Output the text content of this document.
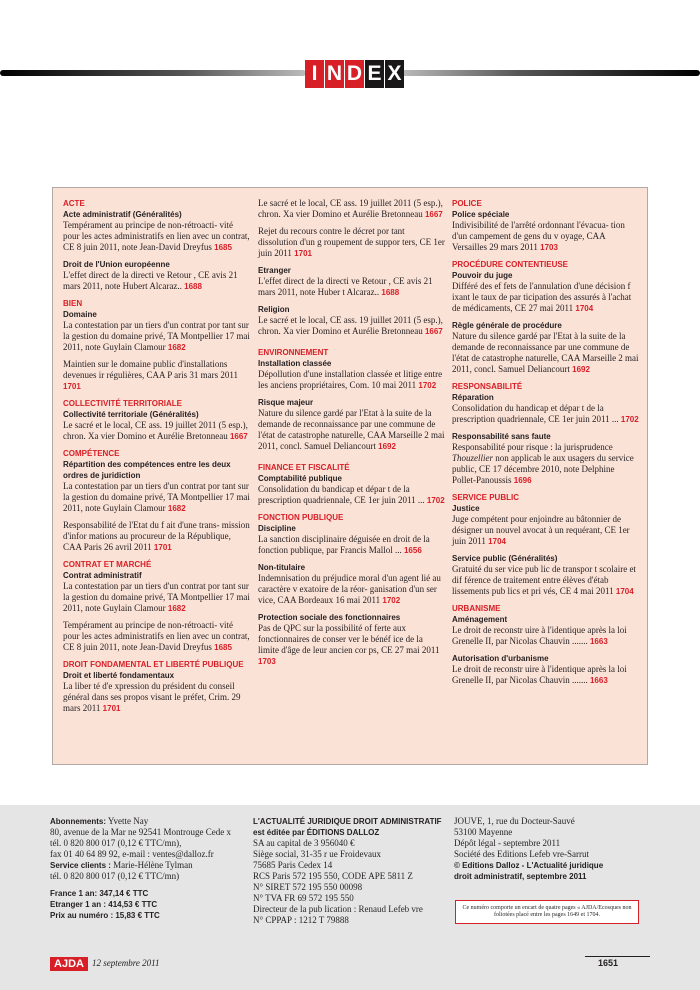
I N D E X

ACTE

Acte administratif (Généralités)

Tempérament au principe de non-rétroacti- vité pour les actes administratifs en lien avec un contrat, CE 8 juin 2011, note Jean-David Dreyfus 1685

Droit de l'Union européenne

L'effet direct de la directi ve Retour , CE avis 21 mars 2011, note Hubert Alcaraz.. 1688

BIEN

Domaine

La contestation par un tiers d'un contrat por tant sur la gestion du domaine privé, TA Montpellier 17 mai 2011, note Guylain Clamour 1682

Maintien sur le domaine public d'installations devenues ir régulières, CAA P aris 31 mars 2011 1701

COLLECTIVITÉ TERRITORIALE

Collectivité territoriale (Généralités)

Le sacré et le local, CE ass. 19 juillet 2011 (5 esp.), chron. Xa vier Domino et Aurélie Bretonneau 1667

COMPÉTENCE

Répartition des compétences entre les deux ordres de juridiction

La contestation par un tiers d'un contrat por tant sur la gestion du domaine privé, TA Montpellier 17 mai 2011, note Guylain Clamour 1682

Responsabilité de l'Etat du f ait d'une trans- mission d'infor mations au procureur de la République, CAA Paris 26 avril 2011 1701

CONTRAT ET MARCHÉ

Contrat administratif

La contestation par un tiers d'un contrat por tant sur la gestion du domaine privé, TA Montpellier 17 mai 2011, note Guylain Clamour 1682

Tempérament au principe de non-rétroacti- vité pour les actes administratifs en lien avec un contrat, CE 8 juin 2011, note Jean-David Dreyfus 1685

DROIT FONDAMENTAL ET LIBERTÉ PUBLIQUE

Droit et liberté fondamentaux

La liber té d'e xpression du président du conseil général dans ses propos visant le préfet, Crim. 29 mars 2011 1701

Le sacré et le local, CE ass. 19 juillet 2011 (5 esp.), chron. Xa vier Domino et Aurélie Bretonneau 1667

Rejet du recours contre le décret por tant dissolution d'un g roupement de suppor ters, CE 1er juin 2011 1701

Etranger

L'effet direct de la directi ve Retour , CE avis 21 mars 2011, note Huber t Alcaraz.. 1688

Religion

Le sacré et le local, CE ass. 19 juillet 2011 (5 esp.), chron. Xa vier Domino et Aurélie Bretonneau 1667

ENVIRONNEMENT

Installation classée

Dépollution d'une installation classée et litige entre les anciens propriétaires, Com. 10 mai 2011 1702

Risque majeur

Nature du silence gardé par l'Etat à la suite de la demande de reconnaissance par une commune de l'état de catastrophe naturelle, CAA Marseille 2 mai 2011, concl. Samuel Deliancourt 1692

FINANCE ET FISCALITÉ

Comptabilité publique

Consolidation du bandicap et dépar t de la prescription quadriennale, CE 1er juin 2011 ... 1702

FONCTION PUBLIQUE

Discipline

La sanction disciplinaire déguisée en droit de la fonction publique, par Francis Mallol ... 1656

Non-titulaire

Indemnisation du préjudice moral d'un agent lié au caractère v exatoire de la réor- ganisation d'un ser vice, CAA Bordeaux 16 mai 2011 1702

Protection sociale des fonctionnaires

Pas de QPC sur la possibilité of ferte aux fonctionnaires de conser ver le bénéf ice de la limite d'âge de leur ancien cor ps, CE 27 mai 2011 1703

POLICE

Police spéciale

Indivisibilité de l'arrêté ordonnant l'évacua- tion d'un campement de gens du v oyage, CAA Versailles 29 mars 2011 1703

PROCÉDURE CONTENTIEUSE

Pouvoir du juge

Différé des ef fets de l'annulation d'une décision f ixant le taux de par ticipation des assurés à l'achat de médicaments, CE 27 mai 2011 1704

Règle générale de procédure

Nature du silence gardé par l'Etat à la suite de la demande de reconnaissance par une commune de l'état de catastrophe naturelle, CAA Marseille 2 mai 2011, concl. Samuel Deliancourt 1692

RESPONSABILITÉ

Réparation

Consolidation du handicap et dépar t de la prescription quadriennale, CE 1er juin 2011 ... 1702

Responsabilité sans faute

Responsabilité pour risque : la jurisprudence Thouzellier non applicab le aux usagers du service public, CE 17 décembre 2010, note Delphine Pollet-Panoussis 1696

SERVICE PUBLIC

Justice

Juge compétent pour enjoindre au bâtonnier de désigner un nouvel avocat à un requérant, CE 1er juin 2011 1704

Service public (Généralités)

Gratuité du ser vice pub lic de transpor t scolaire et dif férence de traitement entre élèves d'étab lissements pub lics et pri vés, CE 4 mai 2011 1704

URBANISME

Aménagement

Le droit de reconstr uire à l'identique après la loi Grenelle II, par Nicolas Chauvin ....... 1663

Autorisation d'urbanisme

Le droit de reconstr uire à l'identique après la loi Grenelle II, par Nicolas Chauvin ....... 1663

Abonnements: Yvette Nay
80, avenue de la Mar ne 92541 Montrouge Cede x
tél. 0 820 800 017 (0,12 € TTC/mn),
fax 01 40 64 89 92, e-mail : ventes@dalloz.fr
Service clients : Marie-Hélène Tylman
tél. 0 820 800 017 (0,12 € TTC/mn)
France 1 an: 347,14 € TTC
Etranger 1 an : 414,53 € TTC
Prix au numéro : 15,83 € TTC
L'ACTUALITÉ JURIDIQUE DROIT ADMINISTRATIF
est éditée par ÉDITIONS DALLOZ
SA au capital de 3 956040 €
Siège social, 31-35 r ue Froidevaux
75685 Paris Cedex 14
RCS Paris 572 195 550, CODE APE 5811 Z
N° SIRET 572 195 550 00098
N° TVA FR 69 572 195 550
Directeur de la pub lication : Renaud Lefeb vre
N° CPPAP : 1212 T 79888
JOUVE, 1, rue du Docteur-Sauvé
53100 Mayenne
Dépôt légal - septembre 2011
Société des Editions Lefeb vre-Sarrut
© Editions Dalloz - L'Actualité juridique
droit administratif, septembre 2011
Ce numéro comporte un encart de quatre pages « AJDA/Ecosques non foliotées placé entre les pages 1649 et 1704.
AJDA 12 septembre 2011	1651
